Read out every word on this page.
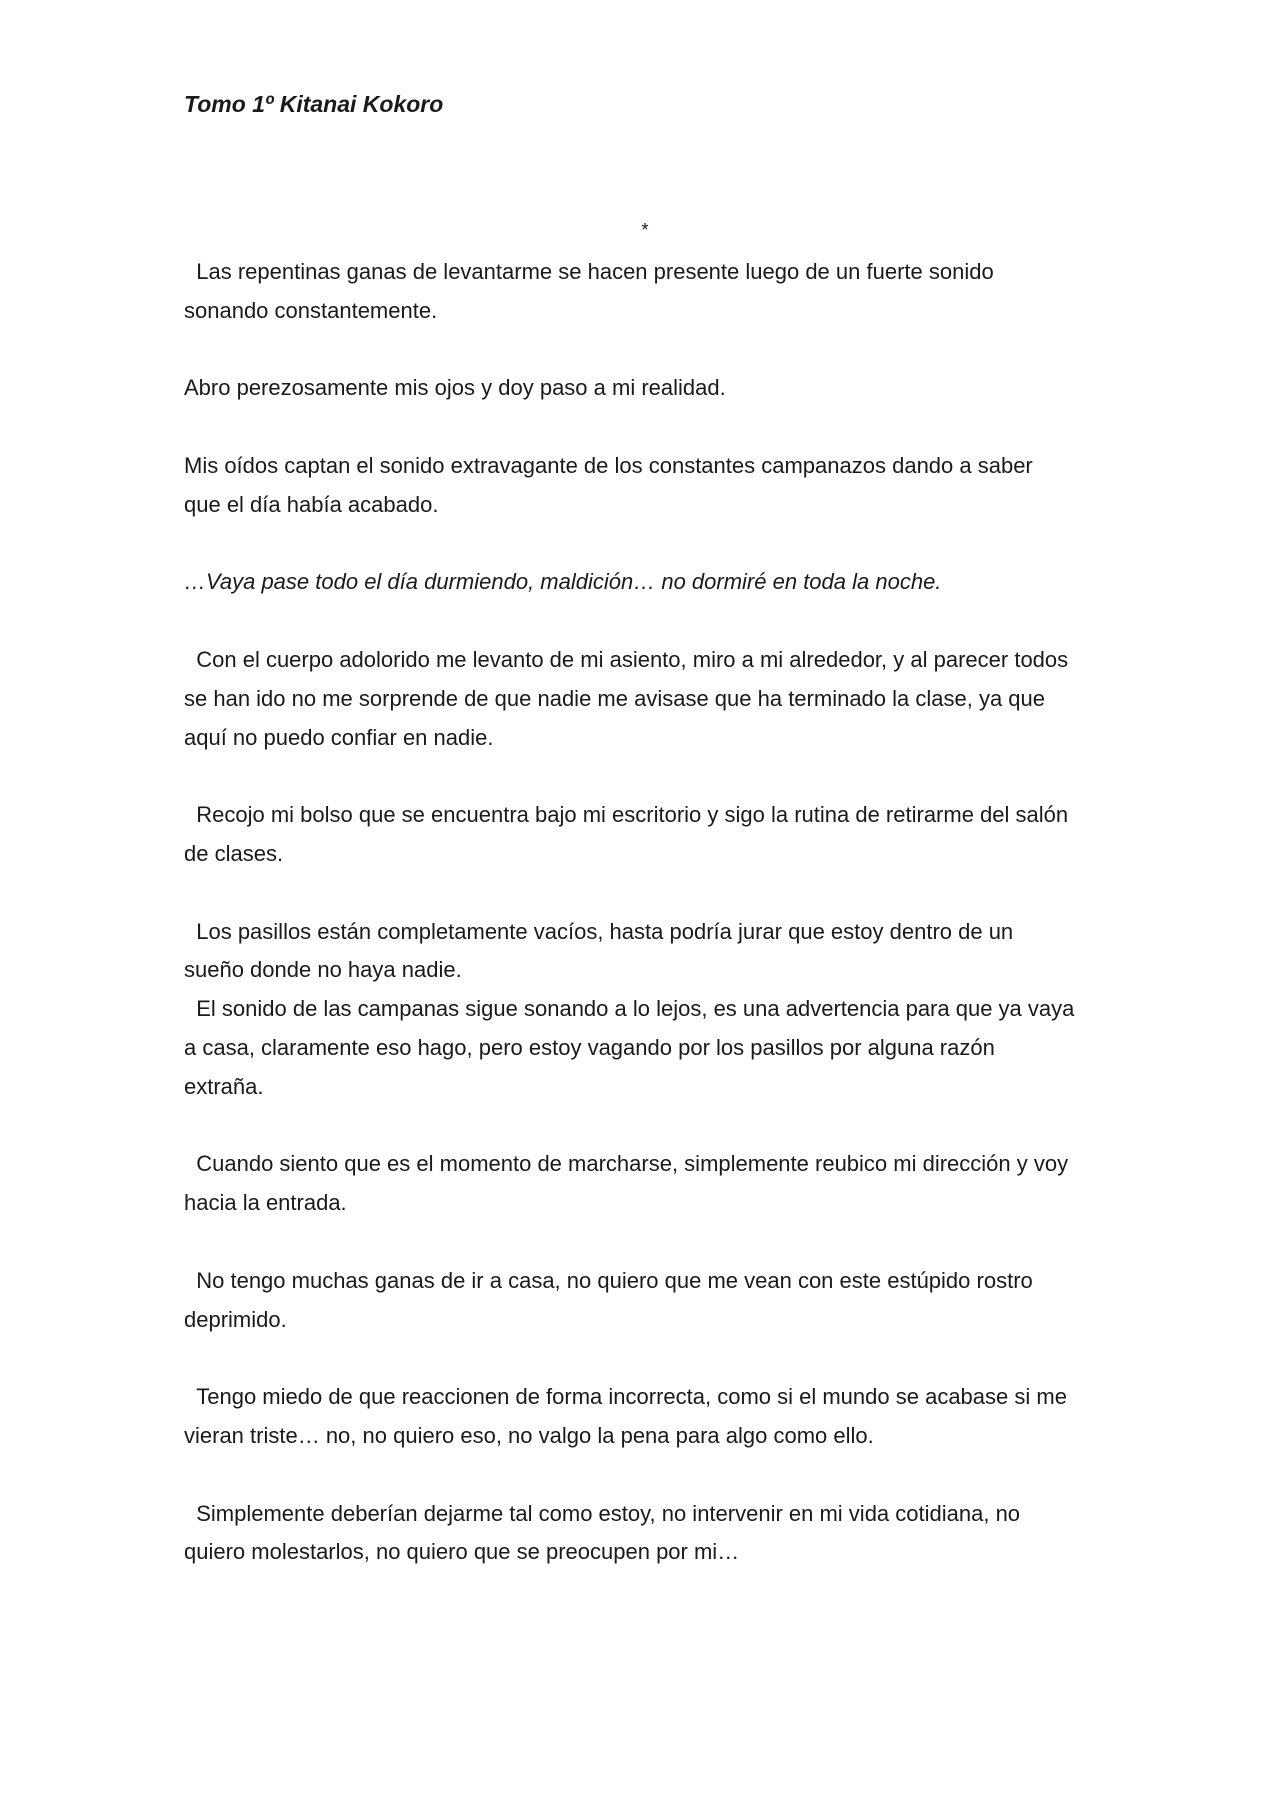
Tomo 1º Kitanai Kokoro
*

Las repentinas ganas de levantarme se hacen presente luego de un fuerte sonido
sonando constantemente.

Abro perezosamente mis ojos y doy paso a mi realidad.

Mis oídos captan el sonido extravagante de los constantes campanazos dando a saber
que el día había acabado.

…Vaya pase todo el día durmiendo, maldición… no dormiré en toda la noche.

Con el cuerpo adolorido me levanto de mi asiento, miro a mi alrededor, y al parecer todos
se han ido no me sorprende de que nadie me avisase que ha terminado la clase, ya que
aquí no puedo confiar en nadie.

Recojo mi bolso que se encuentra bajo mi escritorio y sigo la rutina de retirarme del salón
de clases.

Los pasillos están completamente vacíos, hasta podría jurar que estoy dentro de un
sueño donde no haya nadie.

El sonido de las campanas sigue sonando a lo lejos, es una advertencia para que ya vaya
a casa, claramente eso hago, pero estoy vagando por los pasillos por alguna razón
extraña.

Cuando siento que es el momento de marcharse, simplemente reubico mi dirección y voy
hacia la entrada.

No tengo muchas ganas de ir a casa, no quiero que me vean con este estúpido rostro
deprimido.

Tengo miedo de que reaccionen de forma incorrecta, como si el mundo se acabase si me
vieran triste… no, no quiero eso, no valgo la pena para algo como ello.

Simplemente deberían dejarme tal como estoy, no intervenir en mi vida cotidiana, no
quiero molestarlos, no quiero que se preocupen por mi…
